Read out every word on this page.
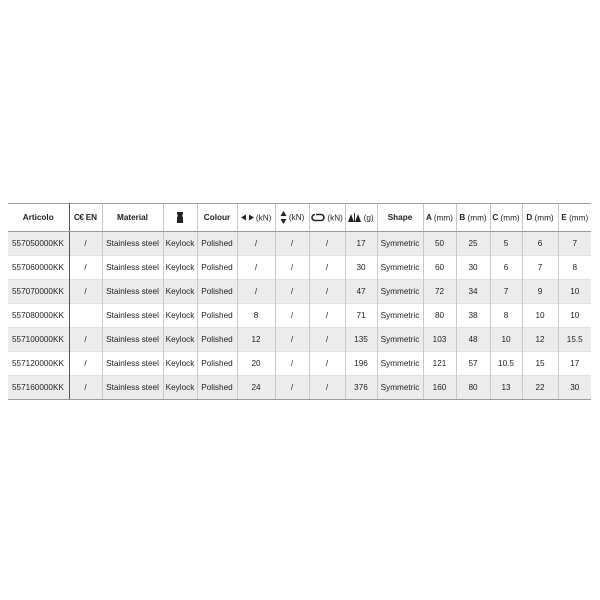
Articolo	C€ EN	Material		Colour	(kN)	(kN)	(kN)	(g)	Shape	A (mm)	B (mm)	C (mm)	D (mm)	E (mm)
557050000KK	/	Stainless steel	Keylock	Polished	/	/	/	17	Symmetric	50	25	5	6	7
557060000KK	/	Stainless steel	Keylock	Polished	/	/	/	30	Symmetric	60	30	6	7	8
557070000KK	/	Stainless steel	Keylock	Polished	/	/	/	47	Symmetric	72	34	7	9	10
557080000KK		Stainless steel	Keylock	Polished	8	/	/	71	Symmetric	80	38	8	10	10
557100000KK	/	Stainless steel	Keylock	Polished	12	/	/	135	Symmetric	103	48	10	12	15.5
557120000KK	/	Stainless steel	Keylock	Polished	20	/	/	196	Symmetric	121	57	10.5	15	17
557160000KK	/	Stainless steel	Keylock	Polished	24	/	/	376	Symmetric	160	80	13	22	30
